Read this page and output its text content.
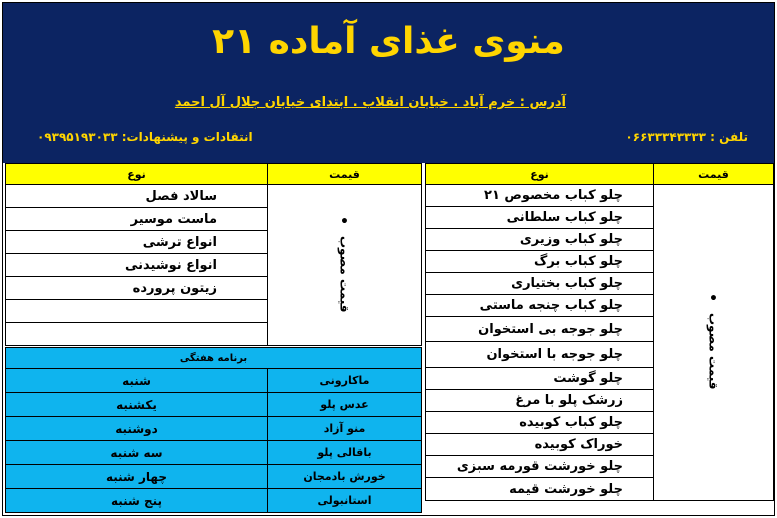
منوی غذای آماده ۲۱
آدرس : خرم آباد . خیابان انقلاب . ابتدای خیابان جلال آل احمد
تلفن : ۰۶۶۳۳۳۴۳۳۳۳
انتقادات و پیشنهادات: ۰۹۳۹۵۱۹۳۰۳۳
نوع	قیمت
چلو کباب مخصوص ۲۱	•
قیمت مصوب
چلو کباب سلطانی	
چلو کباب وزیری	
چلو کباب برگ	
چلو کباب بختیاری	
چلو کباب چنجه ماستی	
چلو جوجه بی استخوان	
چلو جوجه با استخوان	
چلو گوشت	
زرشک پلو با مرغ	
چلو کباب کوبیده	
خوراک کوبیده	
چلو خورشت قورمه سبزی	
چلو خورشت قیمه	
نوع	قیمت
سالاد فصل	•
قیمت مصوب
ماست موسیر	
انواع ترشی	
انواع نوشیدنی	
زیتون پرورده	

برنامه هفتگی	
شنبه	ماکارونی
یکشنبه	عدس پلو
دوشنبه	منو آزاد
سه شنبه	باقالی پلو
چهار شنبه	خورش بادمجان
پنج شنبه	استانبولی
